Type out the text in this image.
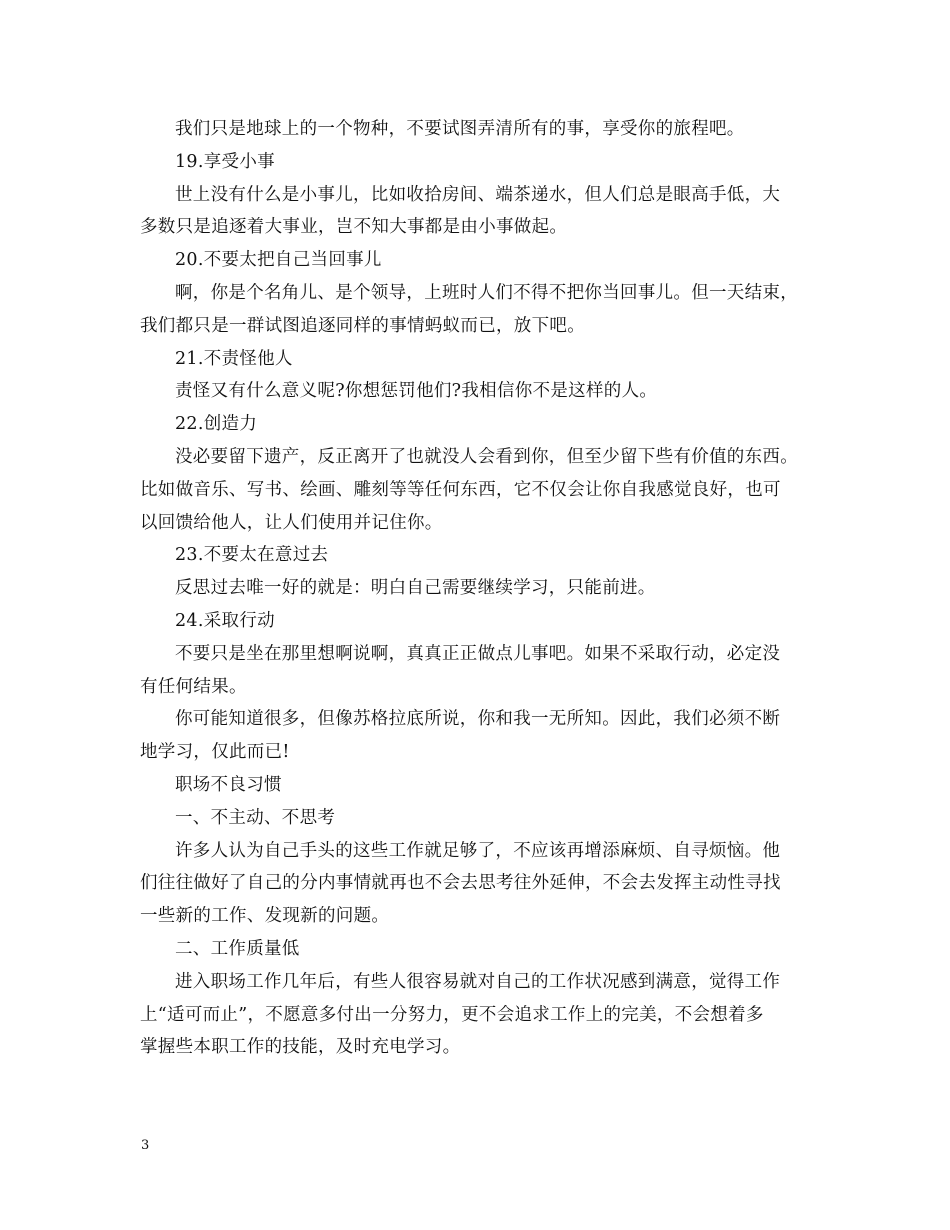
我们只是地球上的一个物种，不要试图弄清所有的事，享受你的旅程吧。
19.享受小事
世上没有什么是小事儿，比如收拾房间、端茶递水，但人们总是眼高手低，大
多数只是追逐着大事业，岂不知大事都是由小事做起。
20.不要太把自己当回事儿
啊，你是个名角儿、是个领导，上班时人们不得不把你当回事儿。但一天结束，
我们都只是一群试图追逐同样的事情蚂蚁而已，放下吧。
21.不责怪他人
责怪又有什么意义呢?你想惩罚他们?我相信你不是这样的人。
22.创造力
没必要留下遗产，反正离开了也就没人会看到你，但至少留下些有价值的东西。
比如做音乐、写书、绘画、雕刻等等任何东西，它不仅会让你自我感觉良好，也可
以回馈给他人，让人们使用并记住你。
23.不要太在意过去
反思过去唯一好的就是：明白自己需要继续学习，只能前进。
24.采取行动
不要只是坐在那里想啊说啊，真真正正做点儿事吧。如果不采取行动，必定没
有任何结果。
你可能知道很多，但像苏格拉底所说，你和我一无所知。因此，我们必须不断
地学习，仅此而已!
职场不良习惯
一、不主动、不思考
许多人认为自己手头的这些工作就足够了，不应该再增添麻烦、自寻烦恼。他
们往往做好了自己的分内事情就再也不会去思考往外延伸，不会去发挥主动性寻找
一些新的工作、发现新的问题。
二、工作质量低
进入职场工作几年后，有些人很容易就对自己的工作状况感到满意，觉得工作
上“适可而止”，不愿意多付出一分努力，更不会追求工作上的完美，不会想着多
掌握些本职工作的技能，及时充电学习。
3
